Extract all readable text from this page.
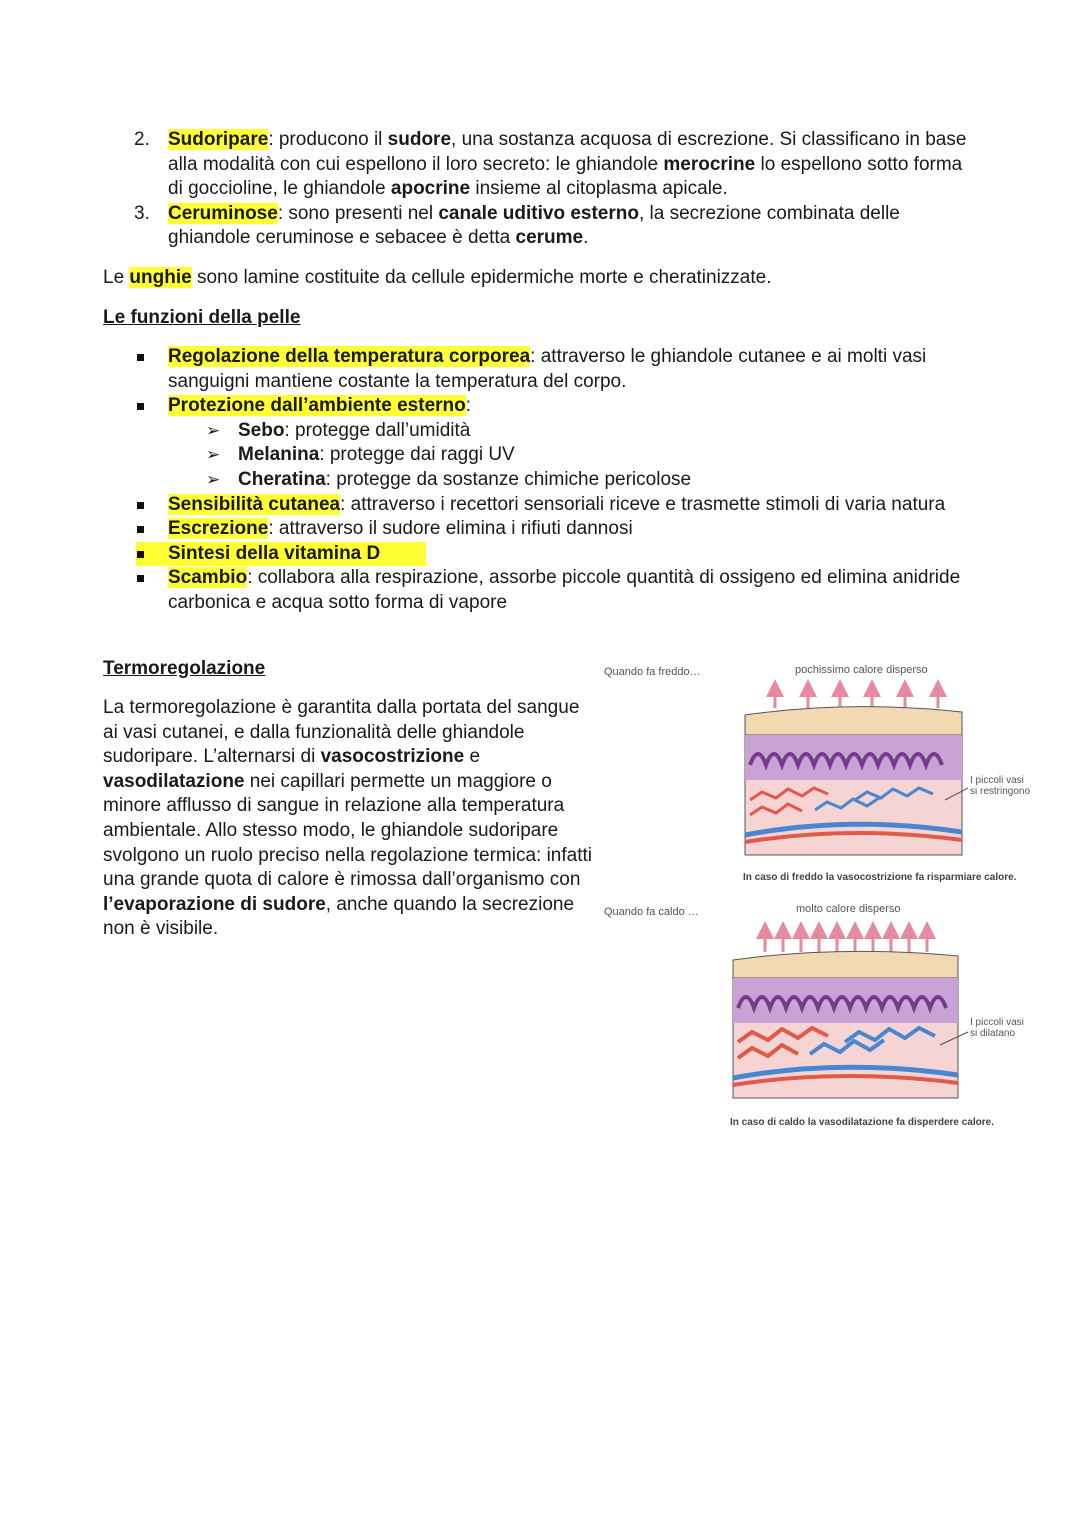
2. Sudoripare: producono il sudore, una sostanza acquosa di escrezione. Si classificano in base alla modalità con cui espellono il loro secreto: le ghiandole merocrine lo espellono sotto forma di goccioline, le ghiandole apocrine insieme al citoplasma apicale.
3. Ceruminose: sono presenti nel canale uditivo esterno, la secrezione combinata delle ghiandole ceruminose e sebacee è detta cerume.
Le unghie sono lamine costituite da cellule epidermiche morte e cheratinizzate.
Le funzioni della pelle
Regolazione della temperatura corporea: attraverso le ghiandole cutanee e ai molti vasi sanguigni mantiene costante la temperatura del corpo.
Protezione dall’ambiente esterno:
➢ Sebo: protegge dall’umidità
➢ Melanina: protegge dai raggi UV
➢ Cheratina: protegge da sostanze chimiche pericolose
Sensibilità cutanea: attraverso i recettori sensoriali riceve e trasmette stimoli di varia natura
Escrezione: attraverso il sudore elimina i rifiuti dannosi
Sintesi della vitamina D
Scambio: collabora alla respirazione, assorbe piccole quantità di ossigeno ed elimina anidride carbonica e acqua sotto forma di vapore
Termoregolazione
La termoregolazione è garantita dalla portata del sangue ai vasi cutanei, e dalla funzionalità delle ghiandole sudoripare. L’alternarsi di vasocostrizione e vasodilatazione nei capillari permette un maggiore o minore afflusso di sangue in relazione alla temperatura ambientale. Allo stesso modo, le ghiandole sudoripare svolgono un ruolo preciso nella regolazione termica: infatti una grande quota di calore è rimossa dall’organismo con l’evaporazione di sudore, anche quando la secrezione non è visibile.
Quando fa freddo…	pochissimo calore disperso
I piccoli vasi
si restringono
In caso di freddo la vasocostrizione fa risparmiare calore.
Quando fa caldo …	molto calore disperso
I piccoli vasi
si dilatano
In caso di caldo la vasodilatazione fa disperdere calore.
